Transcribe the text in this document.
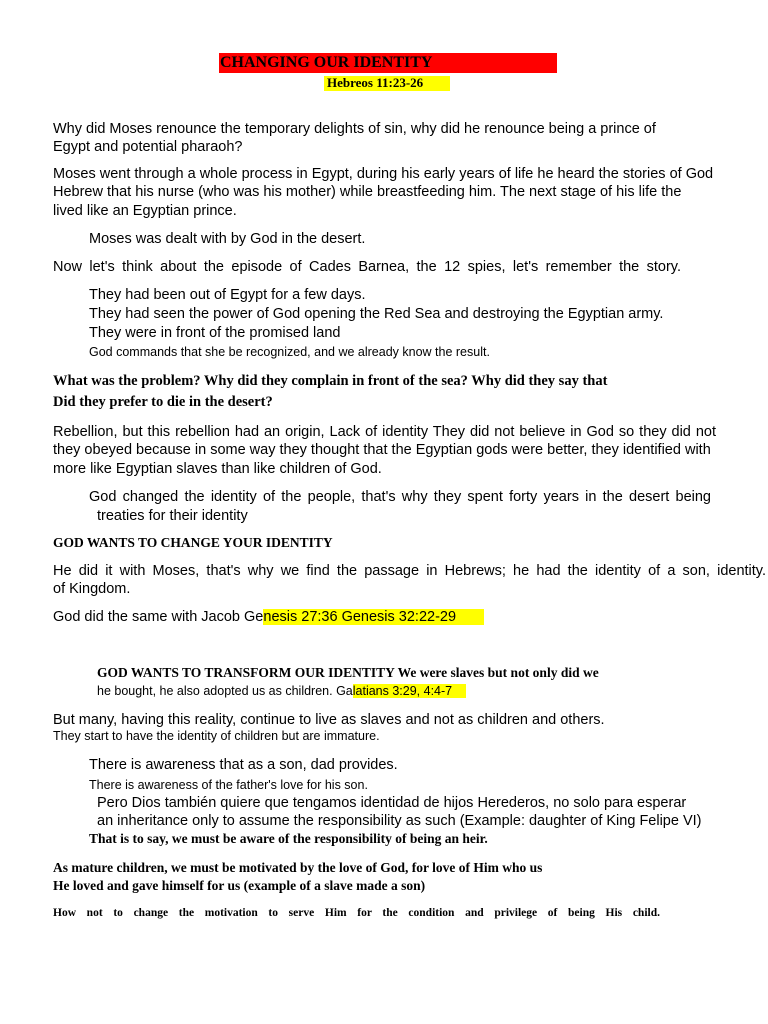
CHANGING OUR IDENTITY
Hebreos 11:23-26
Why did Moses renounce the temporary delights of sin, why did he renounce being a prince of
Egypt and potential pharaoh?
Moses went through a whole process in Egypt, during his early years of life he heard the stories of God
Hebrew that his nurse (who was his mother) while breastfeeding him. The next stage of his life the
lived like an Egyptian prince.
Moses was dealt with by God in the desert.
Now let's think about the episode of Cades Barnea, the 12 spies, let's remember the story.
They had been out of Egypt for a few days.
They had seen the power of God opening the Red Sea and destroying the Egyptian army.
They were in front of the promised land
God commands that she be recognized, and we already know the result.
What was the problem? Why did they complain in front of the sea? Why did they say that
Did they prefer to die in the desert?
Rebellion, but this rebellion had an origin, Lack of identity They did not believe in God so they did not
they obeyed because in some way they thought that the Egyptian gods were better, they identified with
more like Egyptian slaves than like children of God.
God changed the identity of the people, that's why they spent forty years in the desert being
treaties for their identity
GOD WANTS TO CHANGE YOUR IDENTITY
He did it with Moses, that's why we find the passage in Hebrews; he had the identity of a son, identity.
of Kingdom.
God did the same with Jacob Genesis 27:36 Genesis 32:22-29
GOD WANTS TO TRANSFORM OUR IDENTITY We were slaves but not only did we
he bought, he also adopted us as children. Galatians 3:29, 4:4-7
But many, having this reality, continue to live as slaves and not as children and others.
They start to have the identity of children but are immature.
There is awareness that as a son, dad provides.
There is awareness of the father's love for his son.
Pero Dios también quiere que tengamos identidad de hijos Herederos, no solo para esperar
an inheritance only to assume the responsibility as such (Example: daughter of King Felipe VI)
That is to say, we must be aware of the responsibility of being an heir.
As mature children, we must be motivated by the love of God, for love of Him who us
He loved and gave himself for us (example of a slave made a son)
How not to change the motivation to serve Him for the condition and privilege of being His child.
